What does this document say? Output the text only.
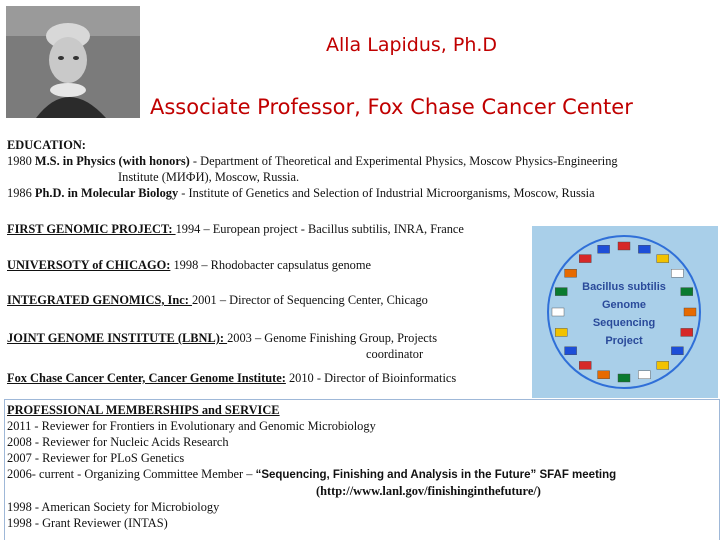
Alla Lapidus, Ph.D
Associate Professor, Fox Chase Cancer Center
EDUCATION:
1980 M.S. in Physics (with honors) - Department of Theoretical and Experimental Physics, Moscow Physics-Engineering
Institute (МИФИ), Moscow, Russia.
1986 Ph.D. in Molecular Biology - Institute of Genetics and Selection of Industrial Microorganisms, Moscow, Russia
FIRST GENOMIC PROJECT: 1994 – European project - Bacillus subtilis, INRA, France
UNIVERSOTY of CHICAGO: 1998 – Rhodobacter capsulatus genome
INTEGRATED GENOMICS, Inc: 2001 – Director of Sequencing Center, Chicago
JOINT GENOME INSTITUTE (LBNL): 2003 – Genome Finishing Group, Projects
coordinator
Fox Chase Cancer Center, Cancer Genome Institute: 2010 - Director of Bioinformatics
Bacillus subtilis
Genome
Sequencing
Project
PROFESSIONAL MEMBERSHIPS and SERVICE
2011 - Reviewer for Frontiers in Evolutionary and Genomic Microbiology
2008 - Reviewer for Nucleic Acids Research
2007 - Reviewer for PLoS Genetics
2006- current - Organizing Committee Member – “Sequencing, Finishing and Analysis in the Future” SFAF meeting
(http://www.lanl.gov/finishinginthefuture/)
1998 - American Society for Microbiology
1998 - Grant Reviewer (INTAS)
